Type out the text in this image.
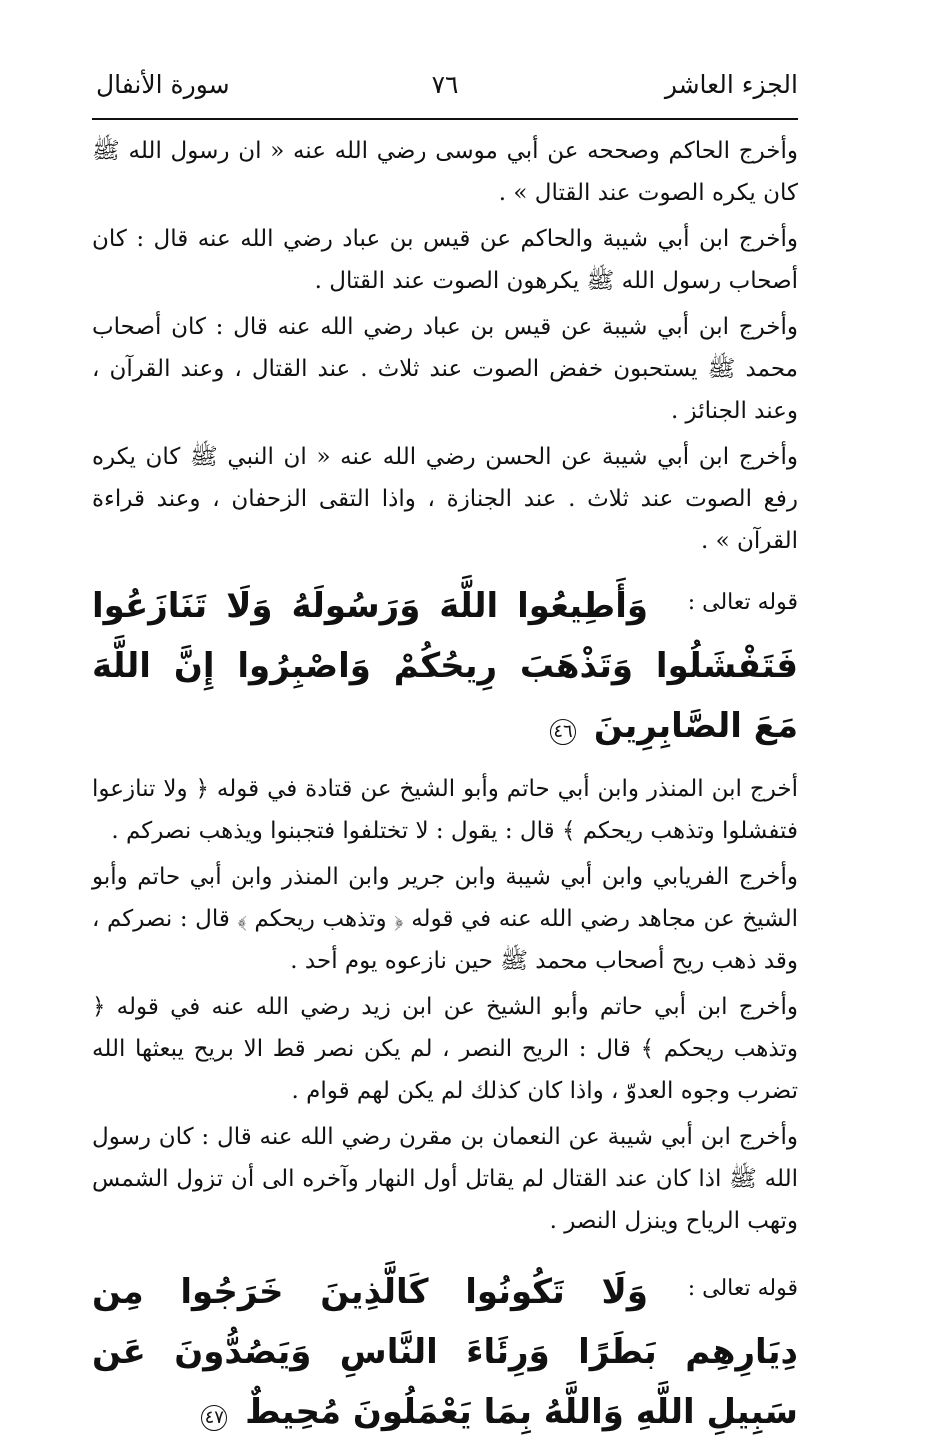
الجزء العاشر
٧٦
سورة الأنفال

وأخرج الحاكم وصححه عن أبي موسى رضي الله عنه « ان رسول الله ﷺ كان يكره الصوت عند القتال » .

وأخرج ابن أبي شيبة والحاكم عن قيس بن عباد رضي الله عنه قال : كان أصحاب رسول الله ﷺ يكرهون الصوت عند القتال .

وأخرج ابن أبي شيبة عن قيس بن عباد رضي الله عنه قال : كان أصحاب محمد ﷺ يستحبون خفض الصوت عند ثلاث . عند القتال ، وعند القرآن ، وعند الجنائز .

وأخرج ابن أبي شيبة عن الحسن رضي الله عنه « ان النبي ﷺ كان يكره رفع الصوت عند ثلاث . عند الجنازة ، واذا التقى الزحفان ، وعند قراءة القرآن » .

قوله تعالى :
وَأَطِيعُوا اللَّهَ وَرَسُولَهُ وَلَا تَنَازَعُوا فَتَفْشَلُوا وَتَذْهَبَ رِيحُكُمْ وَاصْبِرُوا إِنَّ اللَّهَ مَعَ الصَّابِرِينَ ٤٦

أخرج ابن المنذر وابن أبي حاتم وأبو الشيخ عن قتادة في قوله ﴿ ولا تنازعوا فتفشلوا وتذهب ريحكم ﴾ قال : يقول : لا تختلفوا فتجبنوا ويذهب نصركم .

وأخرج الفريابي وابن أبي شيبة وابن جرير وابن المنذر وابن أبي حاتم وأبو الشيخ عن مجاهد رضي الله عنه في قوله ﴿ وتذهب ريحكم ﴾ قال : نصركم ، وقد ذهب ريح أصحاب محمد ﷺ حين نازعوه يوم أحد .

وأخرج ابن أبي حاتم وأبو الشيخ عن ابن زيد رضي الله عنه في قوله ﴿ وتذهب ريحكم ﴾ قال : الريح النصر ، لم يكن نصر قط الا بريح يبعثها الله تضرب وجوه العدوّ ، واذا كان كذلك لم يكن لهم قوام .

وأخرج ابن أبي شيبة عن النعمان بن مقرن رضي الله عنه قال : كان رسول الله ﷺ اذا كان عند القتال لم يقاتل أول النهار وآخره الى أن تزول الشمس وتهب الرياح وينزل النصر .

قوله تعالى :
وَلَا تَكُونُوا كَالَّذِينَ خَرَجُوا مِن دِيَارِهِم بَطَرًا وَرِئَاءَ النَّاسِ وَيَصُدُّونَ عَن سَبِيلِ اللَّهِ وَاللَّهُ بِمَا يَعْمَلُونَ مُحِيطٌ ٤٧
